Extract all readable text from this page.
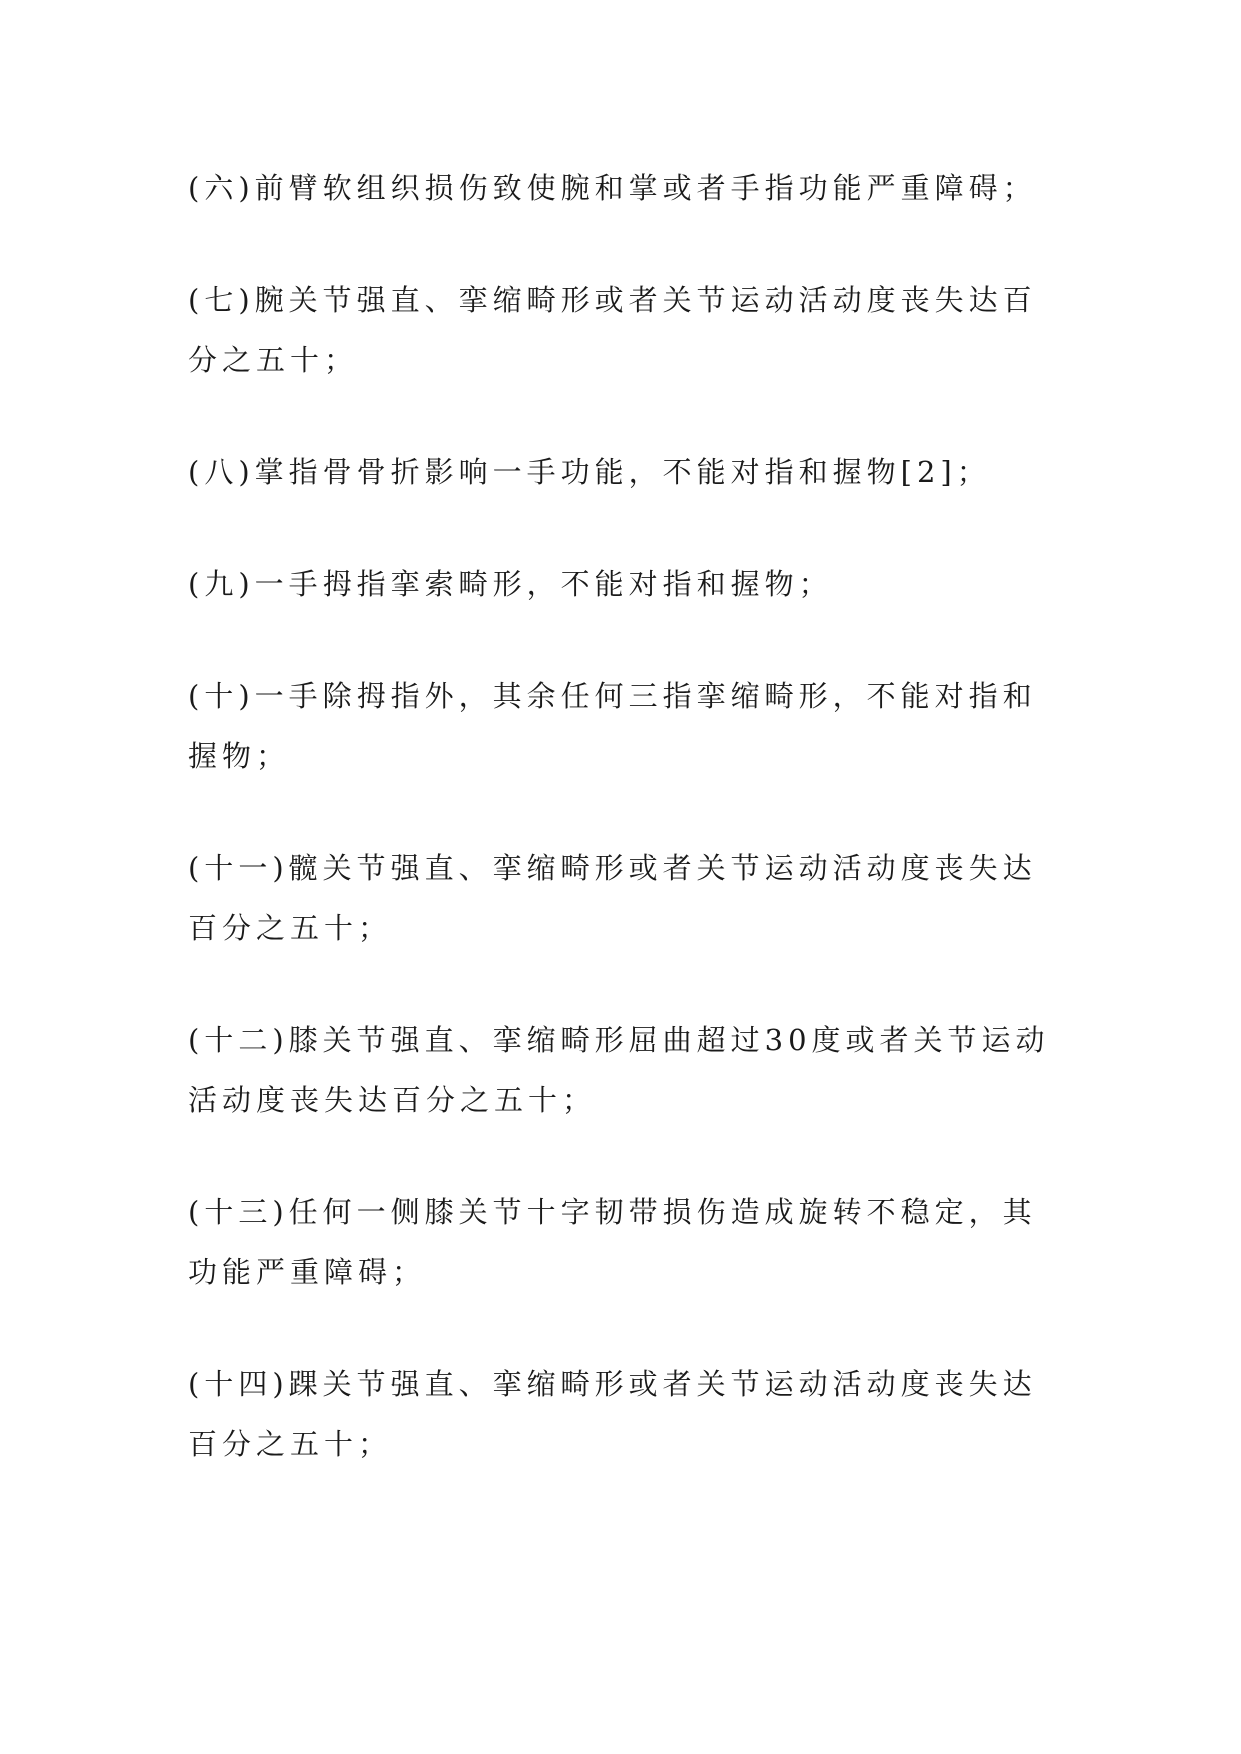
(六)前臂软组织损伤致使腕和掌或者手指功能严重障碍；

(七)腕关节强直、挛缩畸形或者关节运动活动度丧失达百分之五十；

(八)掌指骨骨折影响一手功能，不能对指和握物[2]；

(九)一手拇指挛索畸形，不能对指和握物；

(十)一手除拇指外，其余任何三指挛缩畸形，不能对指和握物；

(十一)髋关节强直、挛缩畸形或者关节运动活动度丧失达百分之五十；

(十二)膝关节强直、挛缩畸形屈曲超过30度或者关节运动活动度丧失达百分之五十；

(十三)任何一侧膝关节十字韧带损伤造成旋转不稳定，其功能严重障碍；

(十四)踝关节强直、挛缩畸形或者关节运动活动度丧失达百分之五十；
